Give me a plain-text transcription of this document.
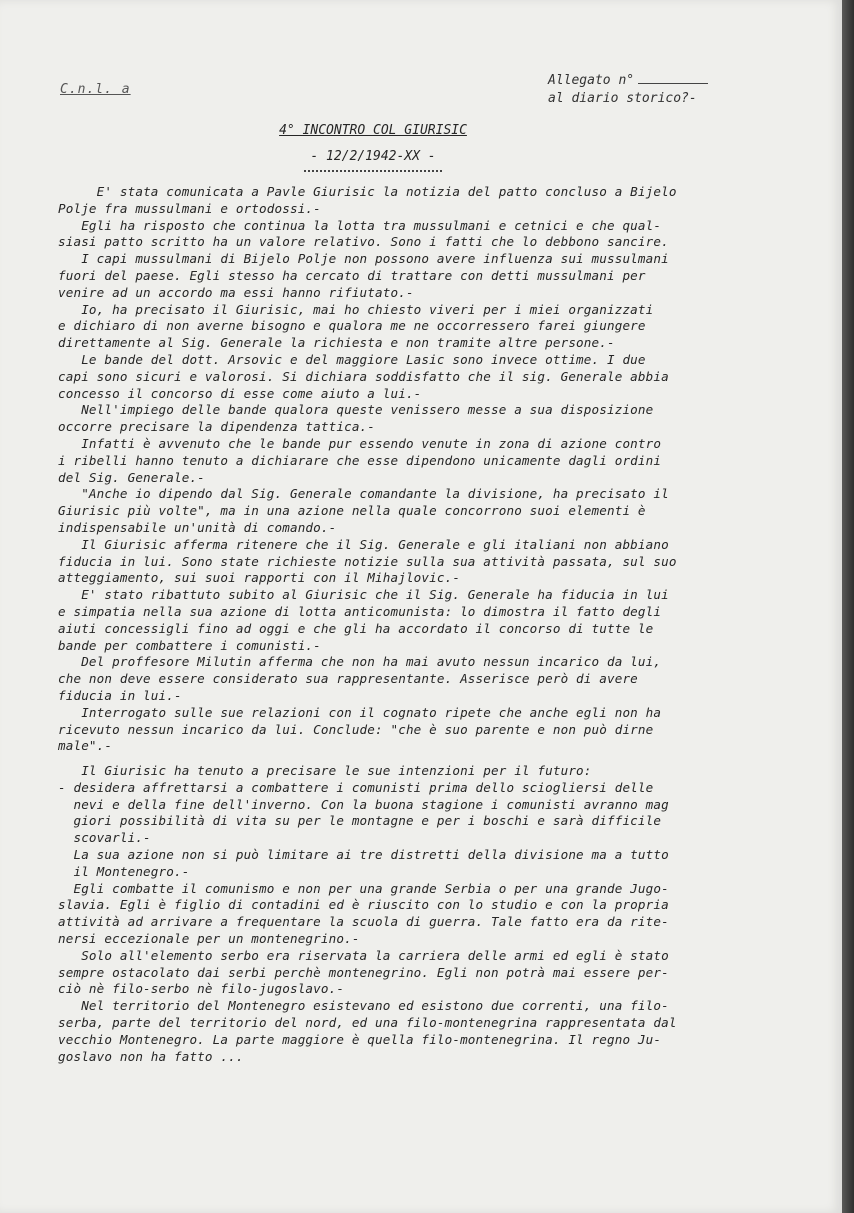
C.n.l. a
Allegato n°
al diario storico?-
4° INCONTRO COL GIURISIC
- 12/2/1942-XX -

E' stata comunicata a Pavle Giurisic la notizia del patto concluso a Bijelo
Polje fra mussulmani e ortodossi.-

Egli ha risposto che continua la lotta tra mussulmani e cetnici e che qual-
siasi patto scritto ha un valore relativo. Sono i fatti che lo debbono sancire.

I capi mussulmani di Bijelo Polje non possono avere influenza sui mussulmani
fuori del paese. Egli stesso ha cercato di trattare con detti mussulmani per
venire ad un accordo ma essi hanno rifiutato.-

Io, ha precisato il Giurisic, mai ho chiesto viveri per i miei organizzati
e dichiaro di non averne bisogno e qualora me ne occorressero farei giungere
direttamente al Sig. Generale la richiesta e non tramite altre persone.-

Le bande del dott. Arsovic e del maggiore Lasic sono invece ottime. I due
capi sono sicuri e valorosi. Si dichiara soddisfatto che il sig. Generale abbia
concesso il concorso di esse come aiuto a lui.-

Nell'impiego delle bande qualora queste venissero messe a sua disposizione
occorre precisare la dipendenza tattica.-

Infatti è avvenuto che le bande pur essendo venute in zona di azione contro
i ribelli hanno tenuto a dichiarare che esse dipendono unicamente dagli ordini
del Sig. Generale.-

"Anche io dipendo dal Sig. Generale comandante la divisione, ha precisato il
Giurisic più volte", ma in una azione nella quale concorrono suoi elementi è
indispensabile un'unità di comando.-

Il Giurisic afferma ritenere che il Sig. Generale e gli italiani non abbiano
fiducia in lui. Sono state richieste notizie sulla sua attività passata, sul suo
atteggiamento, sui suoi rapporti con il Mihajlovic.-

E' stato ribattuto subito al Giurisic che il Sig. Generale ha fiducia in lui
e simpatia nella sua azione di lotta anticomunista: lo dimostra il fatto degli
aiuti concessigli fino ad oggi e che gli ha accordato il concorso di tutte le
bande per combattere i comunisti.-

Del proffesore Milutin afferma che non ha mai avuto nessun incarico da lui,
che non deve essere considerato sua rappresentante. Asserisce però di avere
fiducia in lui.-

Interrogato sulle sue relazioni con il cognato ripete che anche egli non ha
ricevuto nessun incarico da lui. Conclude: "che è suo parente e non può dirne
male".-

Il Giurisic ha tenuto a precisare le sue intenzioni per il futuro:
- desidera affrettarsi a combattere i comunisti prima dello sciogliersi delle
nevi e della fine dell'inverno. Con la buona stagione i comunisti avranno mag
giori possibilità di vita su per le montagne e per i boschi e sarà difficile
scovarli.-

La sua azione non si può limitare ai tre distretti della divisione ma a tutto
il Montenegro.-

Egli combatte il comunismo e non per una grande Serbia o per una grande Jugo-
slavia. Egli è figlio di contadini ed è riuscito con lo studio e con la propria
attività ad arrivare a frequentare la scuola di guerra. Tale fatto era da rite-
nersi eccezionale per un montenegrino.-

Solo all'elemento serbo era riservata la carriera delle armi ed egli è stato
sempre ostacolato dai serbi perchè montenegrino. Egli non potrà mai essere per-
ciò nè filo-serbo nè filo-jugoslavo.-

Nel territorio del Montenegro esistevano ed esistono due correnti, una filo-
serba, parte del territorio del nord, ed una filo-montenegrina rappresentata dal
vecchio Montenegro. La parte maggiore è quella filo-montenegrina. Il regno Ju-
goslavo non ha fatto ...
